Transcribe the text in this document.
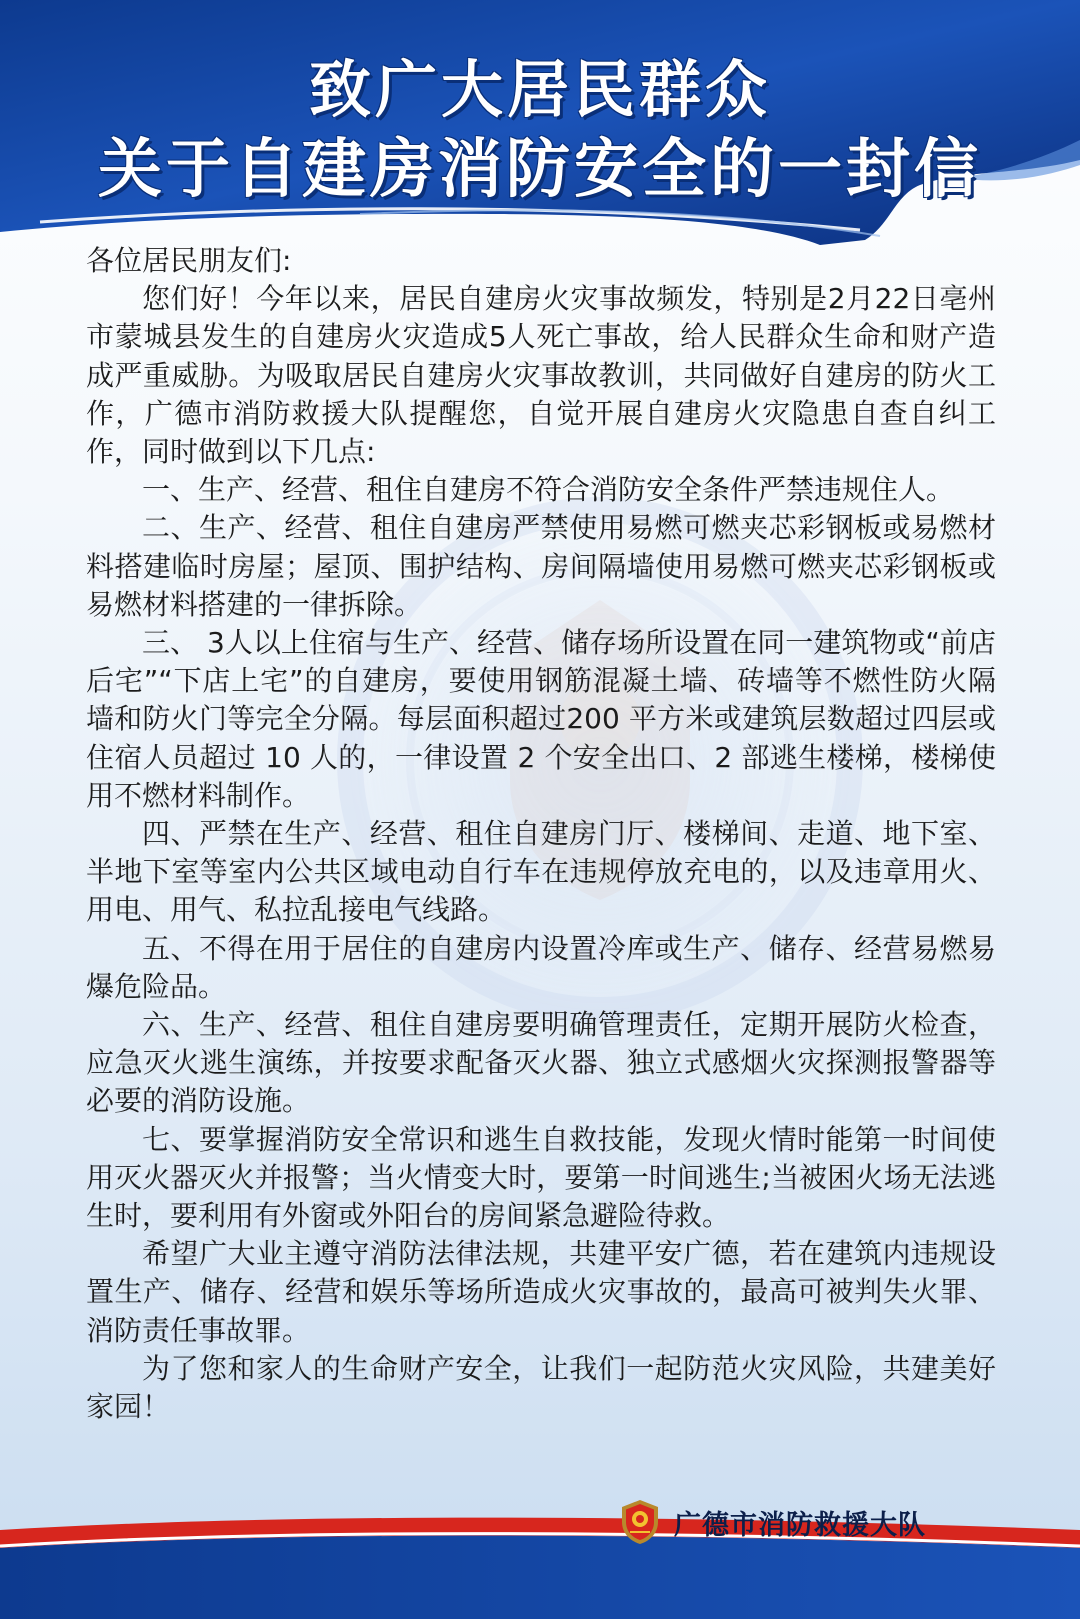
致广大居民群众
关于自建房消防安全的一封信

各位居民朋友们:

您们好！今年以来，居民自建房火灾事故频发，特别是2月22日亳州市蒙城县发生的自建房火灾造成5人死亡事故，给人民群众生命和财产造成严重威胁。为吸取居民自建房火灾事故教训，共同做好自建房的防火工作，广德市消防救援大队提醒您，自觉开展自建房火灾隐患自查自纠工作，同时做到以下几点:

一、生产、经营、租住自建房不符合消防安全条件严禁违规住人。

二、生产、经营、租住自建房严禁使用易燃可燃夹芯彩钢板或易燃材料搭建临时房屋；屋顶、围护结构、房间隔墙使用易燃可燃夹芯彩钢板或易燃材料搭建的一律拆除。

三、 3人以上住宿与生产、经营、储存场所设置在同一建筑物或“前店后宅”“下店上宅”的自建房，要使用钢筋混凝土墙、砖墙等不燃性防火隔墙和防火门等完全分隔。每层面积超过200 平方米或建筑层数超过四层或住宿人员超过 10 人的，一律设置 2 个安全出口、2 部逃生楼梯，楼梯使用不燃材料制作。

四、严禁在生产、经营、租住自建房门厅、楼梯间、走道、地下室、半地下室等室内公共区域电动自行车在违规停放充电的，以及违章用火、用电、用气、私拉乱接电气线路。

五、不得在用于居住的自建房内设置冷库或生产、储存、经营易燃易爆危险品。

六、生产、经营、租住自建房要明确管理责任，定期开展防火检查，应急灭火逃生演练，并按要求配备灭火器、独立式感烟火灾探测报警器等必要的消防设施。

七、要掌握消防安全常识和逃生自救技能，发现火情时能第一时间使用灭火器灭火并报警；当火情变大时，要第一时间逃生;当被困火场无法逃生时，要利用有外窗或外阳台的房间紧急避险待救。

希望广大业主遵守消防法律法规，共建平安广德，若在建筑内违规设置生产、储存、经营和娱乐等场所造成火灾事故的，最高可被判失火罪、消防责任事故罪。

为了您和家人的生命财产安全，让我们一起防范火灾风险，共建美好家园！

广德市消防救援大队
